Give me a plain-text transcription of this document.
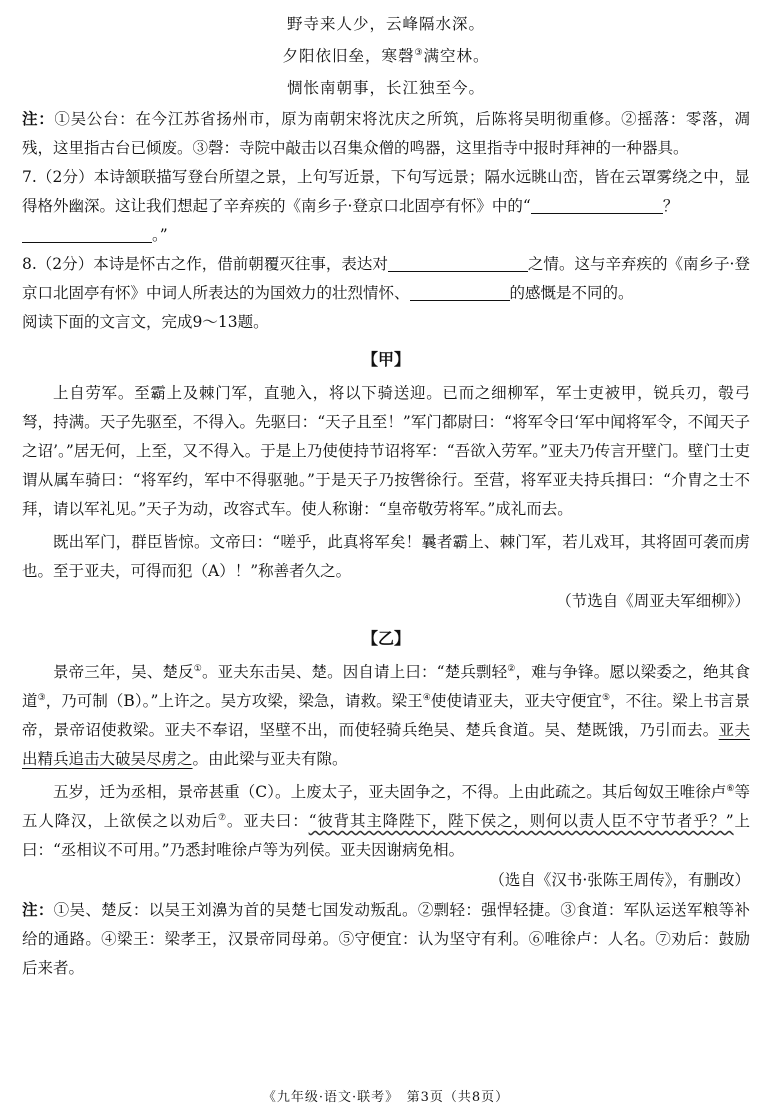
野寺来人少，云峰隔水深。
夕阳依旧垒，寒磬③满空林。
惆怅南朝事，长江独至今。

注：①吴公台：在今江苏省扬州市，原为南朝宋将沈庆之所筑，后陈将吴明彻重修。②摇落：零落，凋残，这里指古台已倾废。③磬：寺院中敲击以召集众僧的鸣器，这里指寺中报时拜神的一种器具。

7.（2分）本诗颔联描写登台所望之景，上句写近景，下句写远景；隔水远眺山峦，皆在云罩雾绕之中，显得格外幽深。这让我们想起了辛弃疾的《南乡子·登京口北固亭有怀》中的“	？
。”

8.（2分）本诗是怀古之作，借前朝覆灭往事，表达对	之情。这与辛弃疾的《南乡子·登京口北固亭有怀》中词人所表达的为国效力的壮烈情怀、	的感慨是不同的。

阅读下面的文言文，完成9～13题。

【甲】

上自劳军。至霸上及棘门军，直驰入，将以下骑送迎。已而之细柳军，军士吏被甲，锐兵刃，彀弓弩，持满。天子先驱至，不得入。先驱曰：“天子且至！”军门都尉曰：“将军令曰‘军中闻将军令，不闻天子之诏’。”居无何，上至，又不得入。于是上乃使使持节诏将军：“吾欲入劳军。”亚夫乃传言开壁门。壁门士吏谓从属车骑曰：“将军约，军中不得驱驰。”于是天子乃按辔徐行。至营，将军亚夫持兵揖曰：“介胄之士不拜，请以军礼见。”天子为动，改容式车。使人称谢：“皇帝敬劳将军。”成礼而去。

既出军门，群臣皆惊。文帝曰：“嗟乎，此真将军矣！曩者霸上、棘门军，若儿戏耳，其将固可袭而虏也。至于亚夫，可得而犯（A）！”称善者久之。

（节选自《周亚夫军细柳》）
【乙】

景帝三年，吴、楚反①。亚夫东击吴、楚。因自请上曰：“楚兵剽轻②，难与争锋。愿以梁委之，绝其食道③，乃可制（B）。”上许之。吴方攻梁，梁急，请救。梁王④使使请亚夫，亚夫守便宜⑤，不往。梁上书言景帝，景帝诏使救梁。亚夫不奉诏，坚壁不出，而使轻骑兵绝吴、楚兵食道。吴、楚既饿，乃引而去。亚夫出精兵追击大破吴尽虏之。由此梁与亚夫有隙。

五岁，迁为丞相，景帝甚重（C）。上废太子，亚夫固争之，不得。上由此疏之。其后匈奴王唯徐卢⑥等五人降汉，上欲侯之以劝后⑦。亚夫曰：“彼背其主降陛下，陛下侯之，则何以责人臣不守节者乎？”上曰：“丞相议不可用。”乃悉封唯徐卢等为列侯。亚夫因谢病免相。

（选自《汉书·张陈王周传》，有删改）

注：①吴、楚反：以吴王刘濞为首的吴楚七国发动叛乱。②剽轻：强悍轻捷。③食道：军队运送军粮等补给的通路。④梁王：梁孝王，汉景帝同母弟。⑤守便宜：认为坚守有利。⑥唯徐卢：人名。⑦劝后：鼓励后来者。

《九年级·语文·联考》　第3页（共8页）
